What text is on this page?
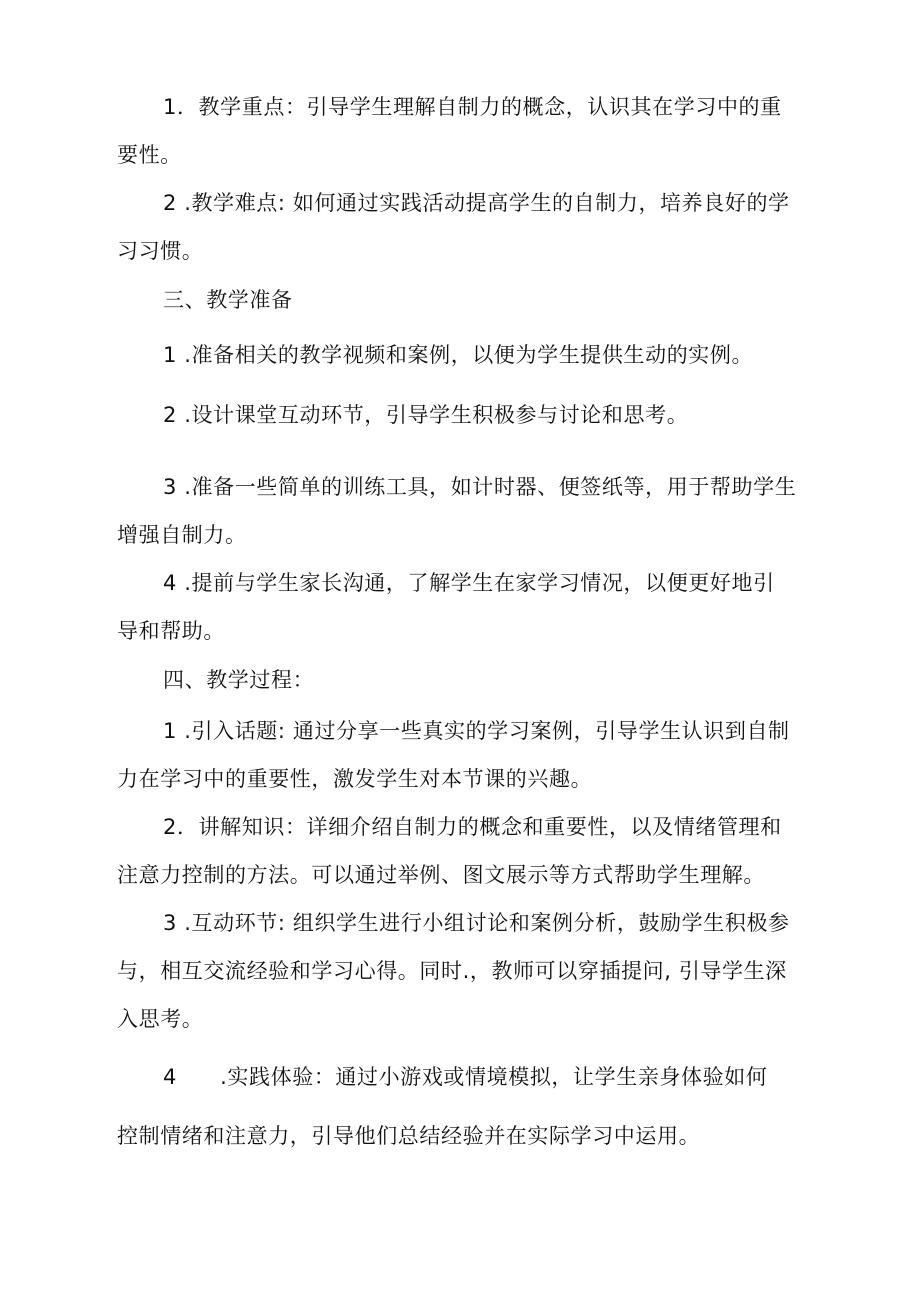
1．教学重点：引导学生理解自制力的概念，认识其在学习中的重
要性。
2 .教学难点: 如何通过实践活动提高学生的自制力，培养良好的学
习习惯。
三、教学准备
1 .准备相关的教学视频和案例，以便为学生提供生动的实例。
2 .设计课堂互动环节，引导学生积极参与讨论和思考。
3 .准备一些简单的训练工具，如计时器、便签纸等，用于帮助学生
增强自制力。
4 .提前与学生家长沟通，了解学生在家学习情况，以便更好地引
导和帮助。
四、教学过程：
1 .引入话题: 通过分享一些真实的学习案例，引导学生认识到自制
力在学习中的重要性，激发学生对本节课的兴趣。
2．讲解知识：详细介绍自制力的概念和重要性，以及情绪管理和
注意力控制的方法。可以通过举例、图文展示等方式帮助学生理解。
3 .互动环节: 组织学生进行小组讨论和案例分析，鼓励学生积极参
与，相互交流经验和学习心得。同时.，教师可以穿插提问, 引导学生深
入思考。
4　　.实践体验：通过小游戏或情境模拟，让学生亲身体验如何
控制情绪和注意力，引导他们总结经验并在实际学习中运用。
